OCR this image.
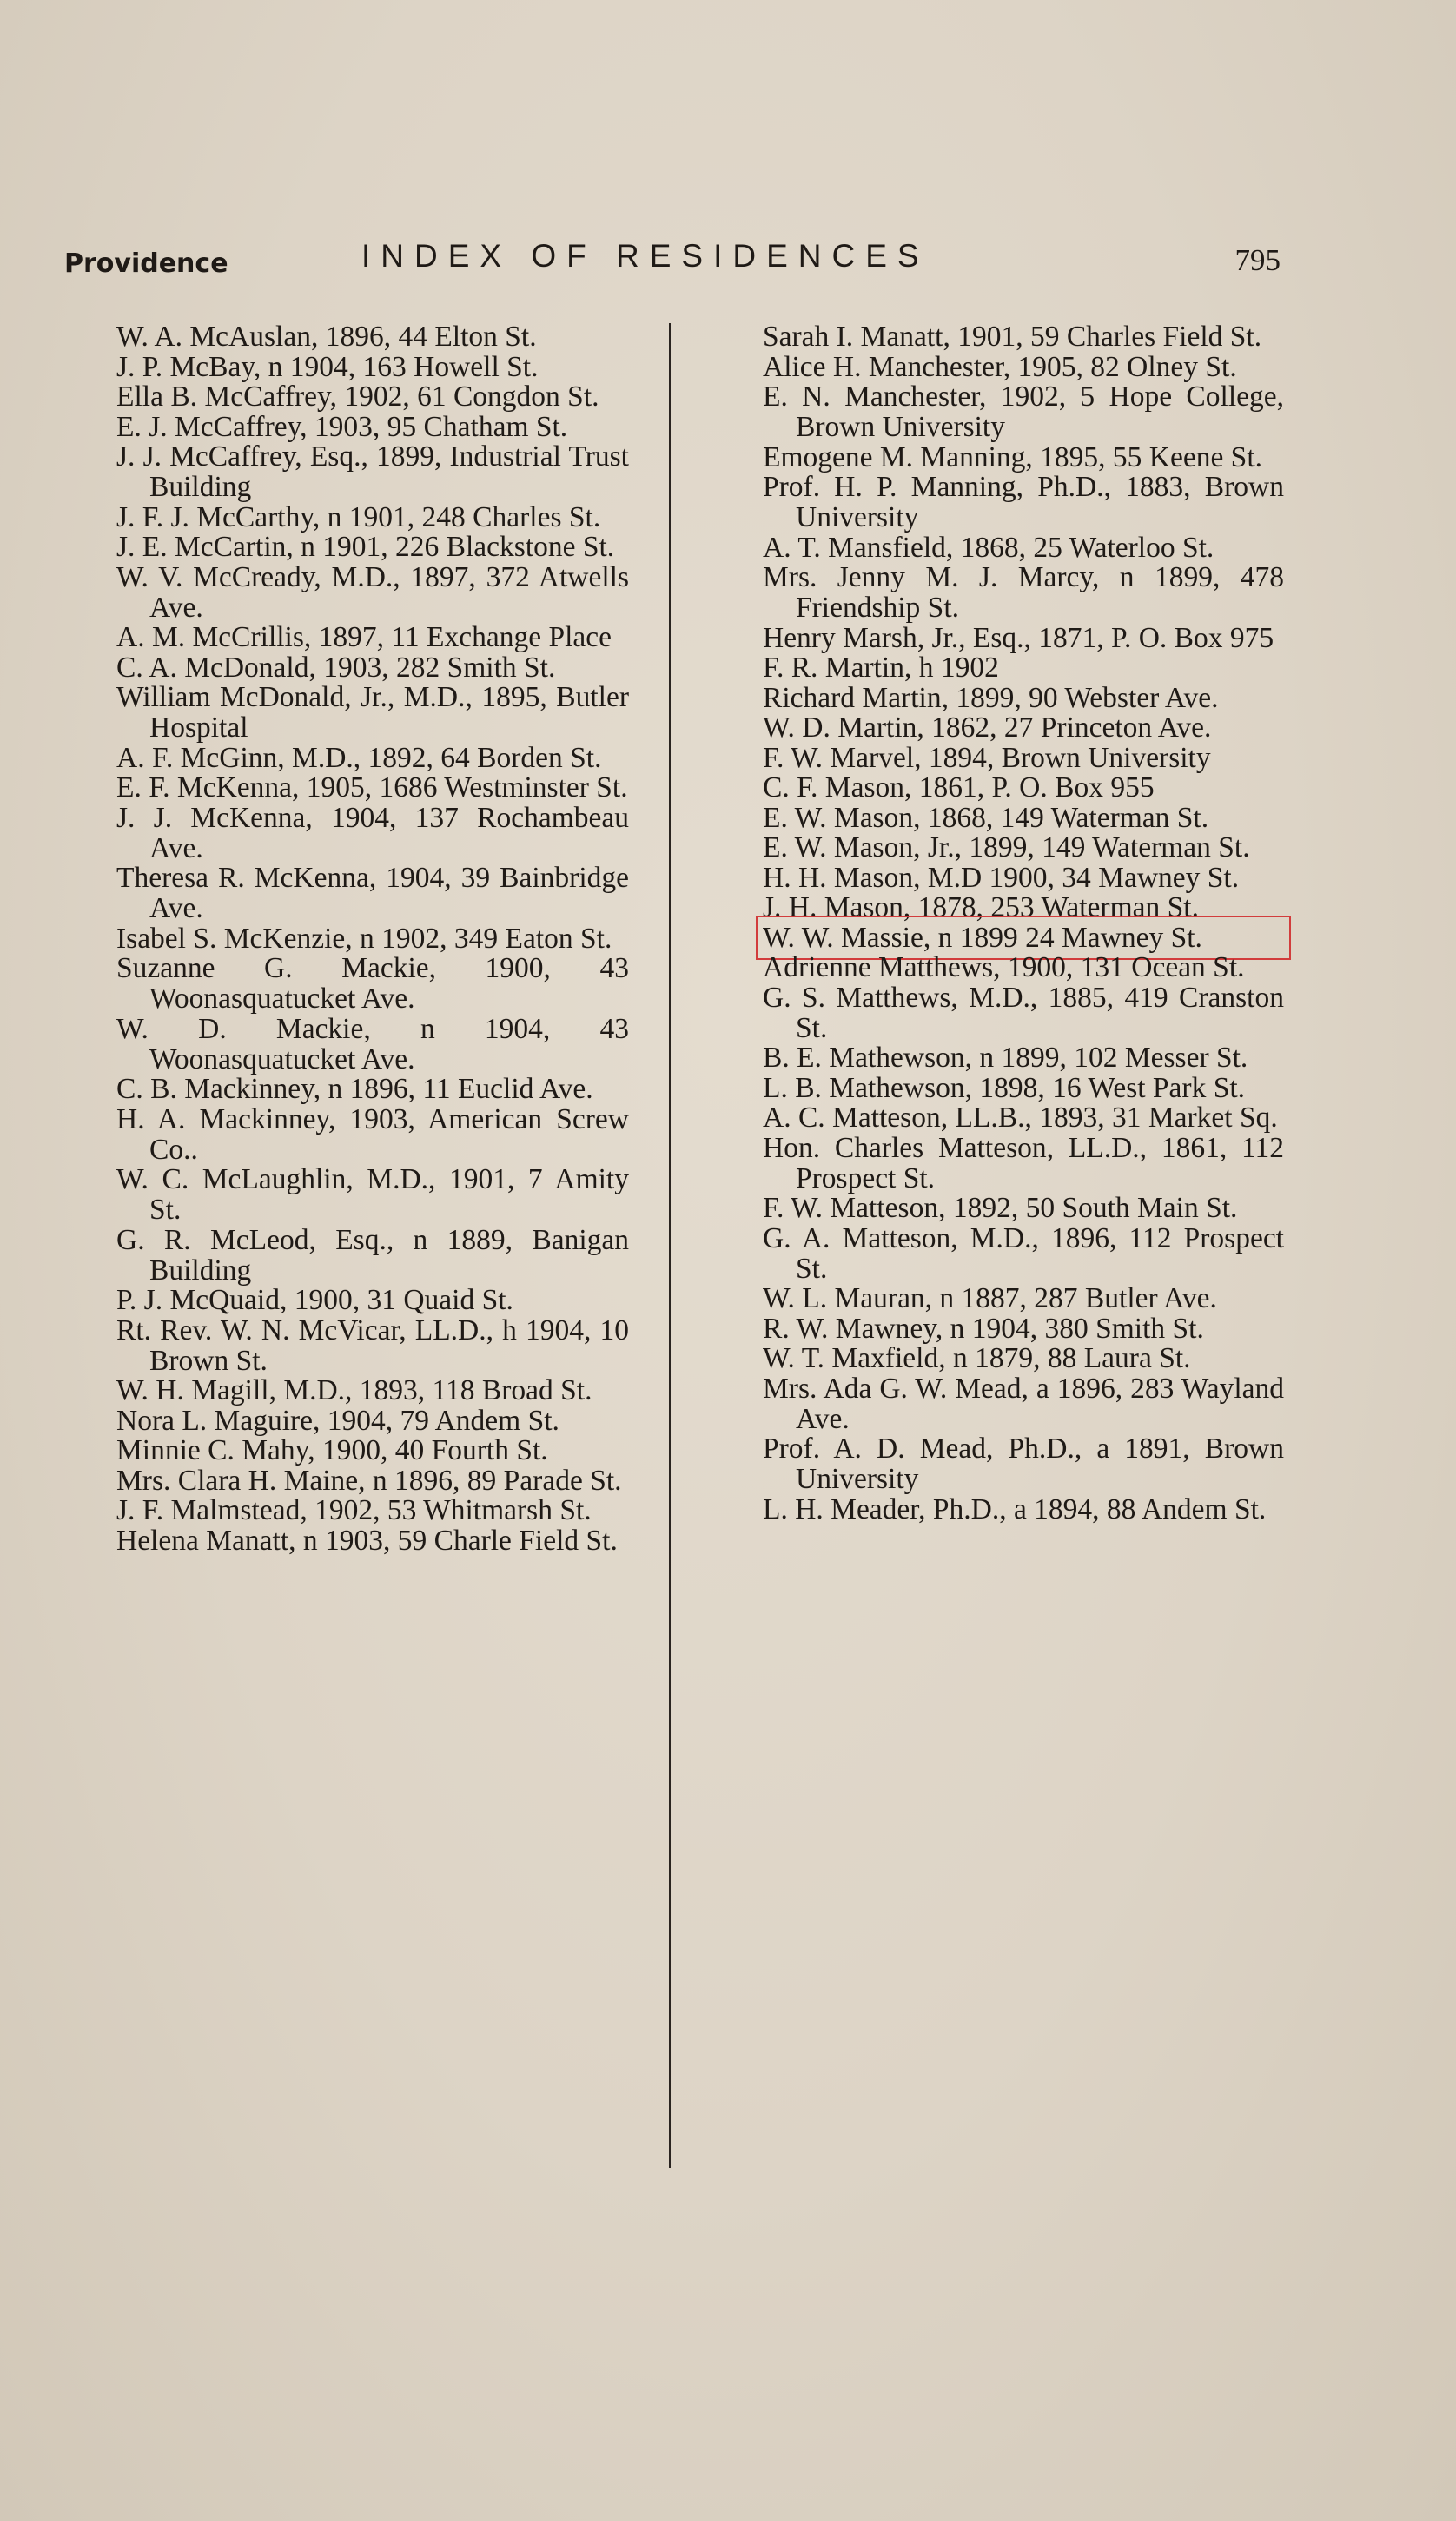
Providence	INDEX OF RESIDENCES	795
W. A. McAuslan, 1896, 44 Elton St.
J. P. McBay, n 1904, 163 Howell St.
Ella B. McCaffrey, 1902, 61 Congdon St.
E. J. McCaffrey, 1903, 95 Chatham St.
J. J. McCaffrey, Esq., 1899, Industrial Trust Building
J. F. J. McCarthy, n 1901, 248 Charles St.
J. E. McCartin, n 1901, 226 Blackstone St.
W. V. McCready, M.D., 1897, 372 Atwells Ave.
A. M. McCrillis, 1897, 11 Exchange Place
C. A. McDonald, 1903, 282 Smith St.
William McDonald, Jr., M.D., 1895, Butler Hospital
A. F. McGinn, M.D., 1892, 64 Borden St.
E. F. McKenna, 1905, 1686 Westminster St.
J. J. McKenna, 1904, 137 Rochambeau Ave.
Theresa R. McKenna, 1904, 39 Bainbridge Ave.
Isabel S. McKenzie, n 1902, 349 Eaton St.
Suzanne G. Mackie, 1900, 43 Woonasquatucket Ave.
W. D. Mackie, n 1904, 43 Woonasquatucket Ave.
C. B. Mackinney, n 1896, 11 Euclid Ave.
H. A. Mackinney, 1903, American Screw Co..
W. C. McLaughlin, M.D., 1901, 7 Amity St.
G. R. McLeod, Esq., n 1889, Banigan Building
P. J. McQuaid, 1900, 31 Quaid St.
Rt. Rev. W. N. McVicar, LL.D., h 1904, 10 Brown St.
W. H. Magill, M.D., 1893, 118 Broad St.
Nora L. Maguire, 1904, 79 Andem St.
Minnie C. Mahy, 1900, 40 Fourth St.
Mrs. Clara H. Maine, n 1896, 89 Parade St.
J. F. Malmstead, 1902, 53 Whitmarsh St.
Helena Manatt, n 1903, 59 Charle Field St.
Sarah I. Manatt, 1901, 59 Charles Field St.
Alice H. Manchester, 1905, 82 Olney St.
E. N. Manchester, 1902, 5 Hope College, Brown University
Emogene M. Manning, 1895, 55 Keene St.
Prof. H. P. Manning, Ph.D., 1883, Brown University
A. T. Mansfield, 1868, 25 Waterloo St.
Mrs. Jenny M. J. Marcy, n 1899, 478 Friendship St.
Henry Marsh, Jr., Esq., 1871, P. O. Box 975
F. R. Martin, h 1902
Richard Martin, 1899, 90 Webster Ave.
W. D. Martin, 1862, 27 Princeton Ave.
F. W. Marvel, 1894, Brown University
C. F. Mason, 1861, P. O. Box 955
E. W. Mason, 1868, 149 Waterman St.
E. W. Mason, Jr., 1899, 149 Waterman St.
H. H. Mason, M.D 1900, 34 Mawney St.
J. H. Mason, 1878, 253 Waterman St.
W. W. Massie, n 1899 24 Mawney St.
Adrienne Matthews, 1900, 131 Ocean St.
G. S. Matthews, M.D., 1885, 419 Cranston St.
B. E. Mathewson, n 1899, 102 Messer St.
L. B. Mathewson, 1898, 16 West Park St.
A. C. Matteson, LL.B., 1893, 31 Market Sq.
Hon. Charles Matteson, LL.D., 1861, 112 Prospect St.
F. W. Matteson, 1892, 50 South Main St.
G. A. Matteson, M.D., 1896, 112 Prospect St.
W. L. Mauran, n 1887, 287 Butler Ave.
R. W. Mawney, n 1904, 380 Smith St.
W. T. Maxfield, n 1879, 88 Laura St.
Mrs. Ada G. W. Mead, a 1896, 283 Wayland Ave.
Prof. A. D. Mead, Ph.D., a 1891, Brown University
L. H. Meader, Ph.D., a 1894, 88 Andem St.
